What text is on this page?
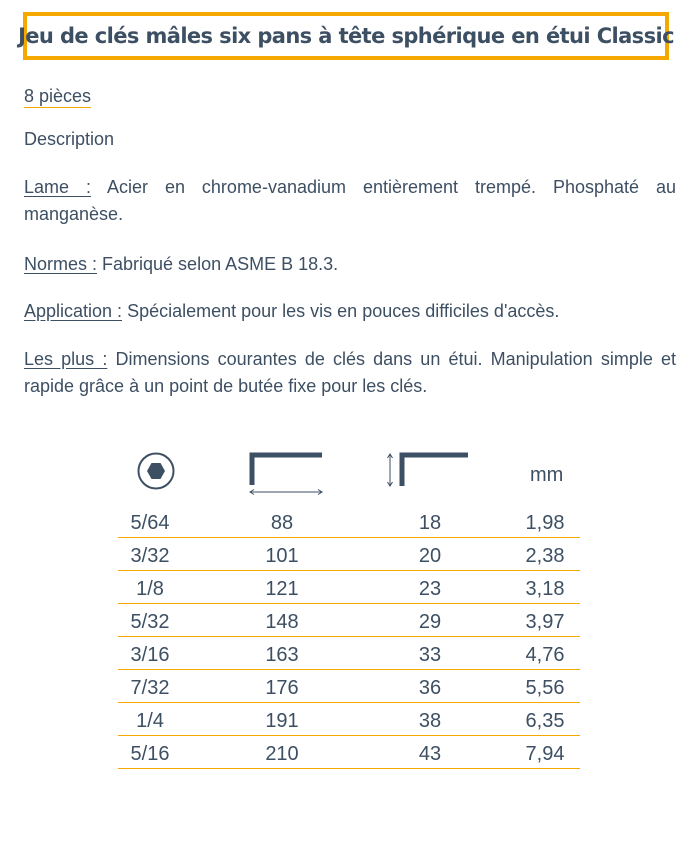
Jeu de clés mâles six pans à tête sphérique en étui Classic
8 pièces
Description
Lame : Acier en chrome-vanadium entièrement trempé. Phosphaté au manganèse.
Normes : Fabriqué selon ASME B 18.3.
Application : Spécialement pour les vis en pouces difficiles d'accès.
Les plus : Dimensions courantes de clés dans un étui. Manipulation simple et rapide grâce à un point de butée fixe pour les clés.
mm
5/64	88	18	1,98
3/32	101	20	2,38
1/8	121	23	3,18
5/32	148	29	3,97
3/16	163	33	4,76
7/32	176	36	5,56
1/4	191	38	6,35
5/16	210	43	7,94
